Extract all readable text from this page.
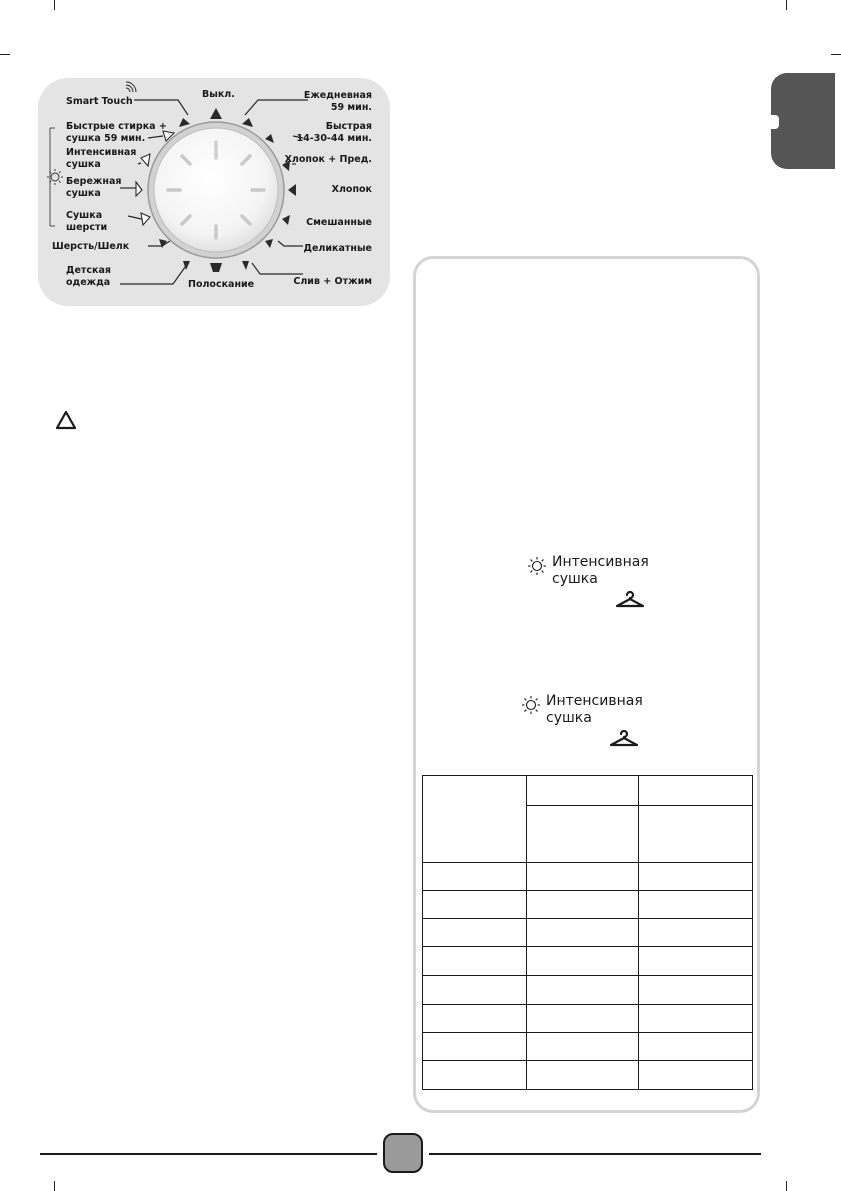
Smart Touch
Быстрые стирка +
сушка 59 мин.
Интенсивная
сушка
Бережная
сушка
Сушка
шерсти
Шерсть/Шелк
Детская
одежда
Выкл.
Полоскание
Ежедневная
59 мин.
Быстрая
14-30-44 мин.
Хлопок + Пред.
Хлопок
Смешанные
Деликатные
Слив + Отжим
Интенсивная
сушка
Интенсивная
сушка
